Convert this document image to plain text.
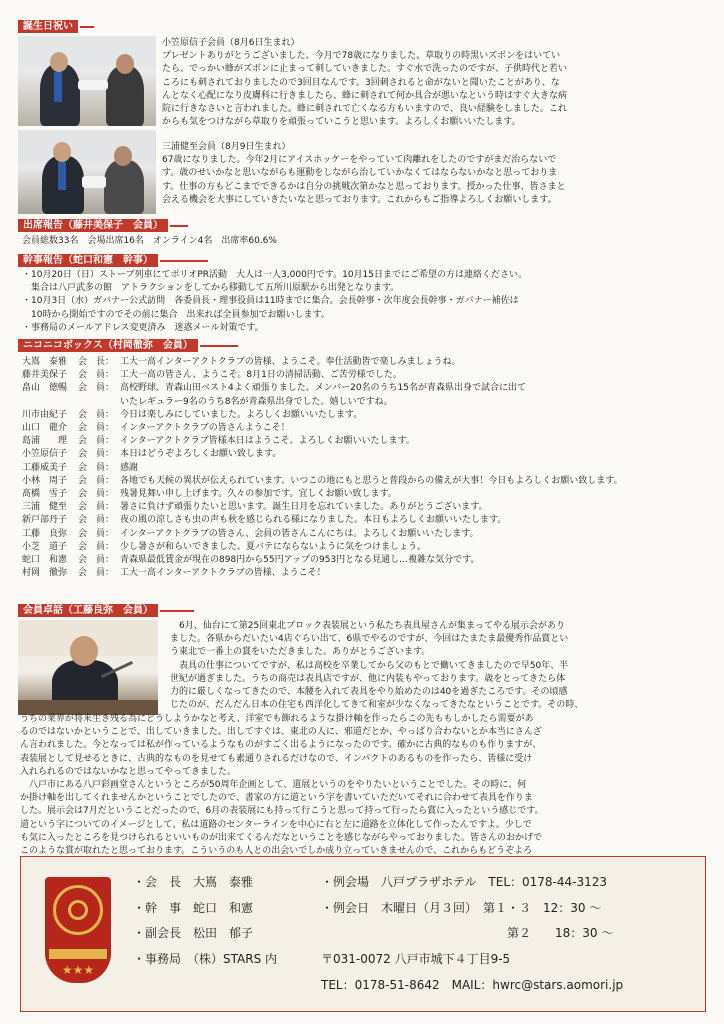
誕生日祝い
小笠原信子会員（8月6日生まれ）
プレゼントありがとうございました。今月で78歳になりました。草取りの時黒いズボンをはいてい
たら、でっかい蜂がズボンに止まって刺していきました。すぐ水で洗ったのですが、子供時代と若い
ころにも刺されておりましたので3回目なんです。3回刺されると命がないと聞いたことがあり、な
んとなく心配になり皮膚科に行きましたら、蜂に刺されて何か具合が悪いなという時はすぐ大きな病
院に行きなさいと言われました。蜂に刺されて亡くなる方もいますので、良い経験をしました。これ
からも気をつけながら草取りを頑張っていこうと思います。よろしくお願いいたします。
三浦健至会員（8月9日生まれ）
67歳になりました。今年2月にアイスホッケーをやっていて肉離れをしたのですがまだ治らないで
す。歳のせいかなと思いながらも運動をしながら治していかなくてはならないかなと思っておりま
す。仕事の方もどこまでできるかは自分の挑戦次第かなと思っております。授かった仕事、皆さまと
会える機会を大事にしていきたいなと思っております。これからもご指導よろしくお願いします。
出席報告（藤井美保子　会員）
会員総数33名　会場出席16名　オンライン4名　出席率60.6%
幹事報告（蛇口和憲　幹事）
・10月20日（日）ストーブ列車にてポリオPR活動　大人は一人3,000円です。10月15日までにご希望の方は連絡ください。
　集合は八戸武多の館　アトラクションをしてから移動して五所川原駅から出発となります。
・10月3日（水）ガバナー公式訪問　各委員長・理事役員は11時までに集合。会長幹事・次年度会長幹事・ガバナー補佐は
　10時から開始ですのでその前に集合　出来れば全員参加でお願いします。
・事務局のメールアドレス変更済み　迷惑メール対策です。
ニコニコボックス（村岡徹弥　会員）
大嶌　泰雅	会　長： 工大一高インターアクトクラブの皆様、ようこそ。奉仕活動皆で楽しみましょうね。
藤井美保子	会　員： 工大一高の皆さん、ようこそ。8月1日の清掃活動、ご苦労様でした。
畠山　徳暢	会　員： 高校野球、青森山田ベスト4よく頑張りました。メンバー20名のうち15名が青森県出身で試合に出て
いたレギュラー9名のうち8名が青森県出身でした。嬉しいですね。
川市由紀子	会　員： 今日は楽しみにしていました。よろしくお願いいたします。
山口　龍介	会　員： インターアクトクラブの皆さんようこそ！
島浦　　理	会　員： インターアクトクラブ皆様本日はようこそ。よろしくお願いいたします。
小笠原信子	会　員： 本日はどうぞよろしくお願い致します。
工藤威美子	会　員： 感謝
小林　周子	会　員： 各地でも天候の異状が伝えられています。いつこの地にもと思うと普段からの備えが大事！今日もよろしくお願い致します。
髙橋　雪子	会　員： 残暑見舞い申し上げます。久々の参加です。宜しくお願い致します。
三浦　健至	会　員： 暑さに負けず頑張りたいと思います。誕生日月を忘れていました。ありがとうございます。
新戸部丹子	会　員： 夜の風の涼しさも虫の声も秋を感じられる様になりました。本日もよろしくお願いいたします。
工藤　良弥	会　員： インターアクトクラブの皆さん、会員の皆さんこんにちは。よろしくお願いいたします。
小芝　道子	会　員： 少し暑さが和らいできました。夏バテにならないように気をつけましょう。
蛇口　和憲	会　員： 青森県最低賃金が現在の898円から55円アップの953円となる見通し…複雑な気分です。
村岡　徹弥	会　員： 工大一高インターアクトクラブの皆様、ようこそ！
会員卓話（工藤良弥　会員）
6月、仙台にて第25回東北ブロック表装展という私たち表具屋さんが集まってやる展示会があり
ました。各県からだいたい4店ぐらい出て、6県でやるのですが、今回はたまたま最優秀作品賞とい
う東北で一番上の賞をいただきました。ありがとうございます。
表具の仕事についてですが、私は高校を卒業してから父のもとで働いてきましたので早50年、半
世紀が過ぎました。うちの商売は表具店ですが、他に内装もやっております。歳をとってきたら体
力的に厳しくなってきたので、本腰を入れて表具をやり始めたのは40を過ぎたころです。その頃感
じたのが、だんだん日本の住宅も西洋化してきて和室が少なくなってきたなということです。その時、
うちの業界が将来生き残る為にどうしようかなと考え、洋室でも飾れるような掛け軸を作ったらこの先ももしかしたら需要があ
るのではないかということで、出していきました。出してすぐは、東北の人に、邪道だとか、やっぱり合わないとか本当にさんざ
ん言われました。今となっては私が作っているようなものがすごく出るようになったのです。確かに古典的なものも作りますが、
表装展として見せるときに、古典的なものを見せても素通りされるだけなので、インパクトのあるものを作ったら、皆様に受け
入れられるのではないかなと思ってやってきました。
八戸市にある八戸彩画堂さんというところが50周年企画として、道展というのをやりたいということでした。その時に、何
か掛け軸を出してくれませんかということでしたので、書家の方に道という字を書いていただいてそれに合わせて表具を作りま
した。展示会は7月だということだったので、6月の表装展にも持って行こうと思って持って行ったら賞に入ったという感じです。
道という字についてのイメージとして、私は道路のセンターラインを中心に右と左に道路を立体化して作ったんですよ。少しで
も気に入ったところを見つけられるといいものが出来てくるんだなということを感じながらやっておりました。皆さんのおかげで
このような賞が取れたと思っております。こういうのも人との出会いでしか成り立っていきませんので、これからもどうぞよろ
★★★
・会　長　大嶌　泰雅
・幹　事　蛇口　和憲
・副会長　松田　郁子
・事務局　（株）STARS 内
・例会場　八戸プラザホテル　TEL：0178-44-3123
・例会日　木曜日（月３回）　第１・３　12：30 ～
第２　　18：30 ～
〒031-0072 八戸市城下４丁目9-5
TEL：0178-51-8642　MAIL：hwrc@stars.aomori.jp
